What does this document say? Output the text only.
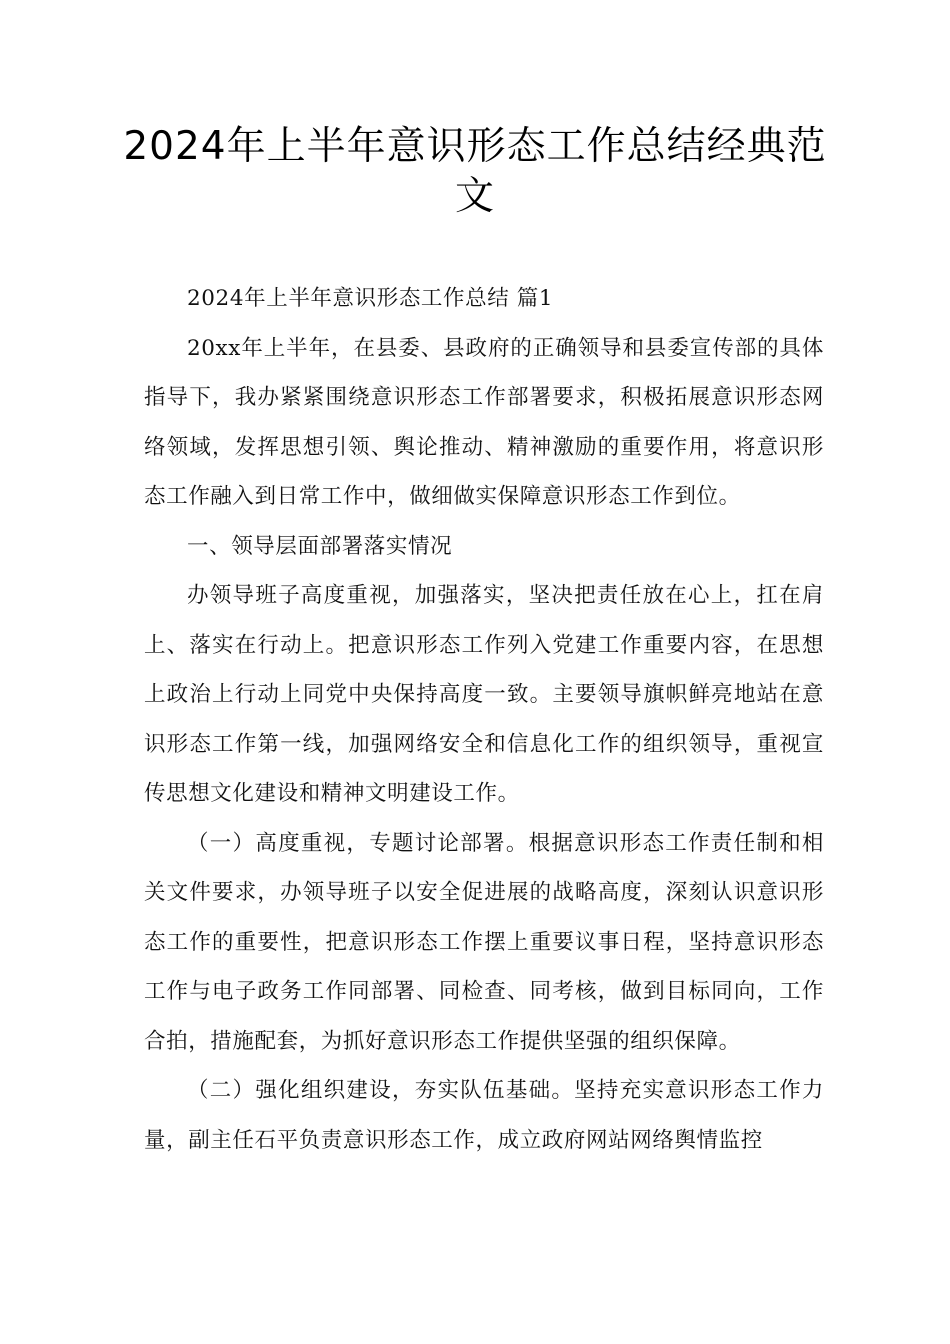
2024年上半年意识形态工作总结经典范文

2024年上半年意识形态工作总结 篇1

20xx年上半年，在县委、县政府的正确领导和县委宣传部的具体指导下，我办紧紧围绕意识形态工作部署要求，积极拓展意识形态网络领域，发挥思想引领、舆论推动、精神激励的重要作用，将意识形态工作融入到日常工作中，做细做实保障意识形态工作到位。

一、领导层面部署落实情况

办领导班子高度重视，加强落实，坚决把责任放在心上，扛在肩上、落实在行动上。把意识形态工作列入党建工作重要内容，在思想上政治上行动上同党中央保持高度一致。主要领导旗帜鲜亮地站在意识形态工作第一线，加强网络安全和信息化工作的组织领导，重视宣传思想文化建设和精神文明建设工作。

（一）高度重视，专题讨论部署。根据意识形态工作责任制和相关文件要求，办领导班子以安全促进展的战略高度，深刻认识意识形态工作的重要性，把意识形态工作摆上重要议事日程，坚持意识形态工作与电子政务工作同部署、同检查、同考核，做到目标同向，工作合拍，措施配套，为抓好意识形态工作提供坚强的组织保障。

（二）强化组织建设，夯实队伍基础。坚持充实意识形态工作力量，副主任石平负责意识形态工作，成立政府网站网络舆情监控
